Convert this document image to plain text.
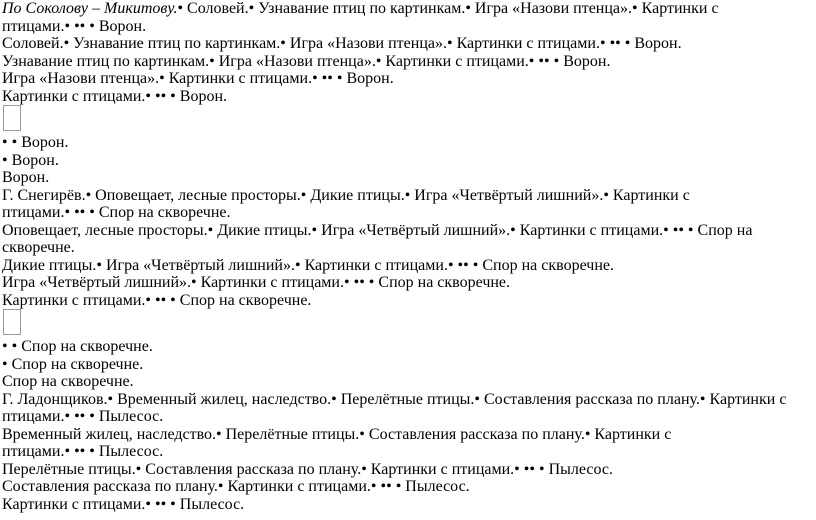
По Соколову – Микитову.• Соловей.• Узнавание птиц по картинкам.• Игра «Назови птенца».• Картинки с
птицами.• •• • Ворон.
Соловей.• Узнавание птиц по картинкам.• Игра «Назови птенца».• Картинки с птицами.• •• • Ворон.
Узнавание птиц по картинкам.• Игра «Назови птенца».• Картинки с птицами.• •• • Ворон.
Игра «Назови птенца».• Картинки с птицами.• •• • Ворон.
Картинки с птицами.• •• • Ворон.
• • Ворон.
• Ворон.
Ворон.
Г. Снегирёв.• Оповещает, лесные просторы.• Дикие птицы.• Игра «Четвёртый лишний».• Картинки с
птицами.• •• • Спор на скворечне.
Оповещает, лесные просторы.• Дикие птицы.• Игра «Четвёртый лишний».• Картинки с птицами.• •• • Спор на
скворечне.
Дикие птицы.• Игра «Четвёртый лишний».• Картинки с птицами.• •• • Спор на скворечне.
Игра «Четвёртый лишний».• Картинки с птицами.• •• • Спор на скворечне.
Картинки с птицами.• •• • Спор на скворечне.
• • Спор на скворечне.
• Спор на скворечне.
Спор на скворечне.
Г. Ладонщиков.• Временный жилец, наследство.• Перелётные птицы.• Составления рассказа по плану.• Картинки с
птицами.• •• • Пылесос.
Временный жилец, наследство.• Перелётные птицы.• Составления рассказа по плану.• Картинки с
птицами.• •• • Пылесос.
Перелётные птицы.• Составления рассказа по плану.• Картинки с птицами.• •• • Пылесос.
Составления рассказа по плану.• Картинки с птицами.• •• • Пылесос.
Картинки с птицами.• •• • Пылесос.
